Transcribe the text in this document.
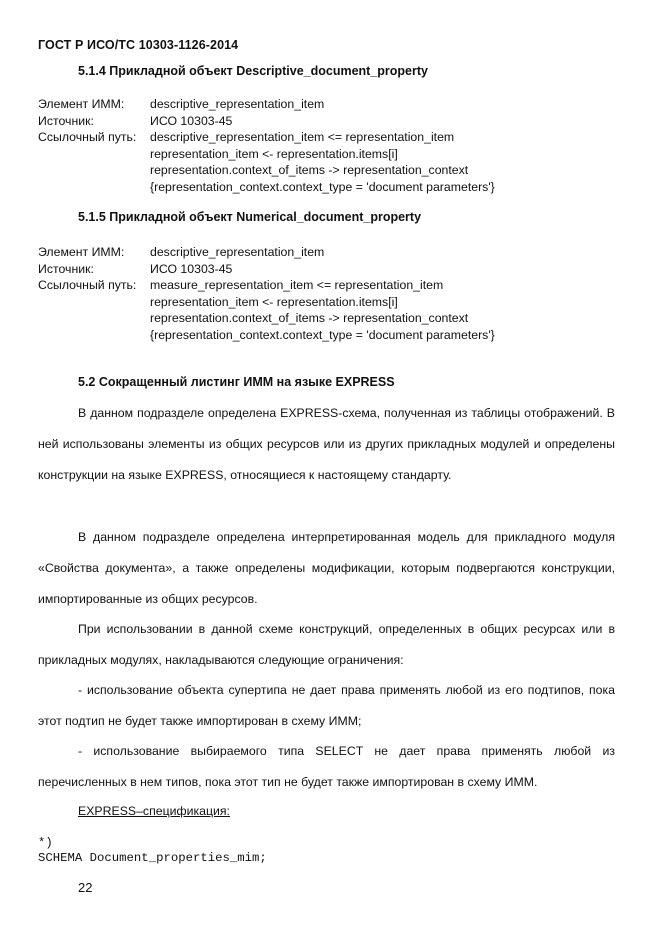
ГОСТ Р ИСО/ТС 10303-1126-2014
5.1.4 Прикладной объект Descriptive_document_property
Элемент ИММ:	descriptive_representation_item
Источник:	ИСО 10303-45
Ссылочный путь:	descriptive_representation_item <= representation_item
representation_item <- representation.items[i]
representation.context_of_items -> representation_context
{representation_context.context_type = 'document parameters'}
5.1.5 Прикладной объект Numerical_document_property
Элемент ИММ:	descriptive_representation_item
Источник:	ИСО 10303-45
Ссылочный путь:	measure_representation_item <= representation_item
representation_item <- representation.items[i]
representation.context_of_items -> representation_context
{representation_context.context_type = 'document parameters'}
5.2 Сокращенный листинг ИММ на языке EXPRESS

В данном подразделе определена EXPRESS-схема, полученная из таблицы отображений. В ней использованы элементы из общих ресурсов или из других прикладных модулей и определены конструкции на языке EXPRESS, относящиеся к настоящему стандарту.

В данном подразделе определена интерпретированная модель для прикладного модуля «Свойства документа», а также определены модификации, которым подвергаются конструкции, импортированные из общих ресурсов.

При использовании в данной схеме конструкций, определенных в общих ресурсах или в прикладных модулях, накладываются следующие ограничения:

- использование объекта супертипа не дает права применять любой из его подтипов, пока этот подтип не будет также импортирован в схему ИММ;

- использование выбираемого типа SELECT не дает права применять любой из перечисленных в нем типов, пока этот тип не будет также импортирован в схему ИММ.

EXPRESS–спецификация:
*)
SCHEMA Document_properties_mim;
22
